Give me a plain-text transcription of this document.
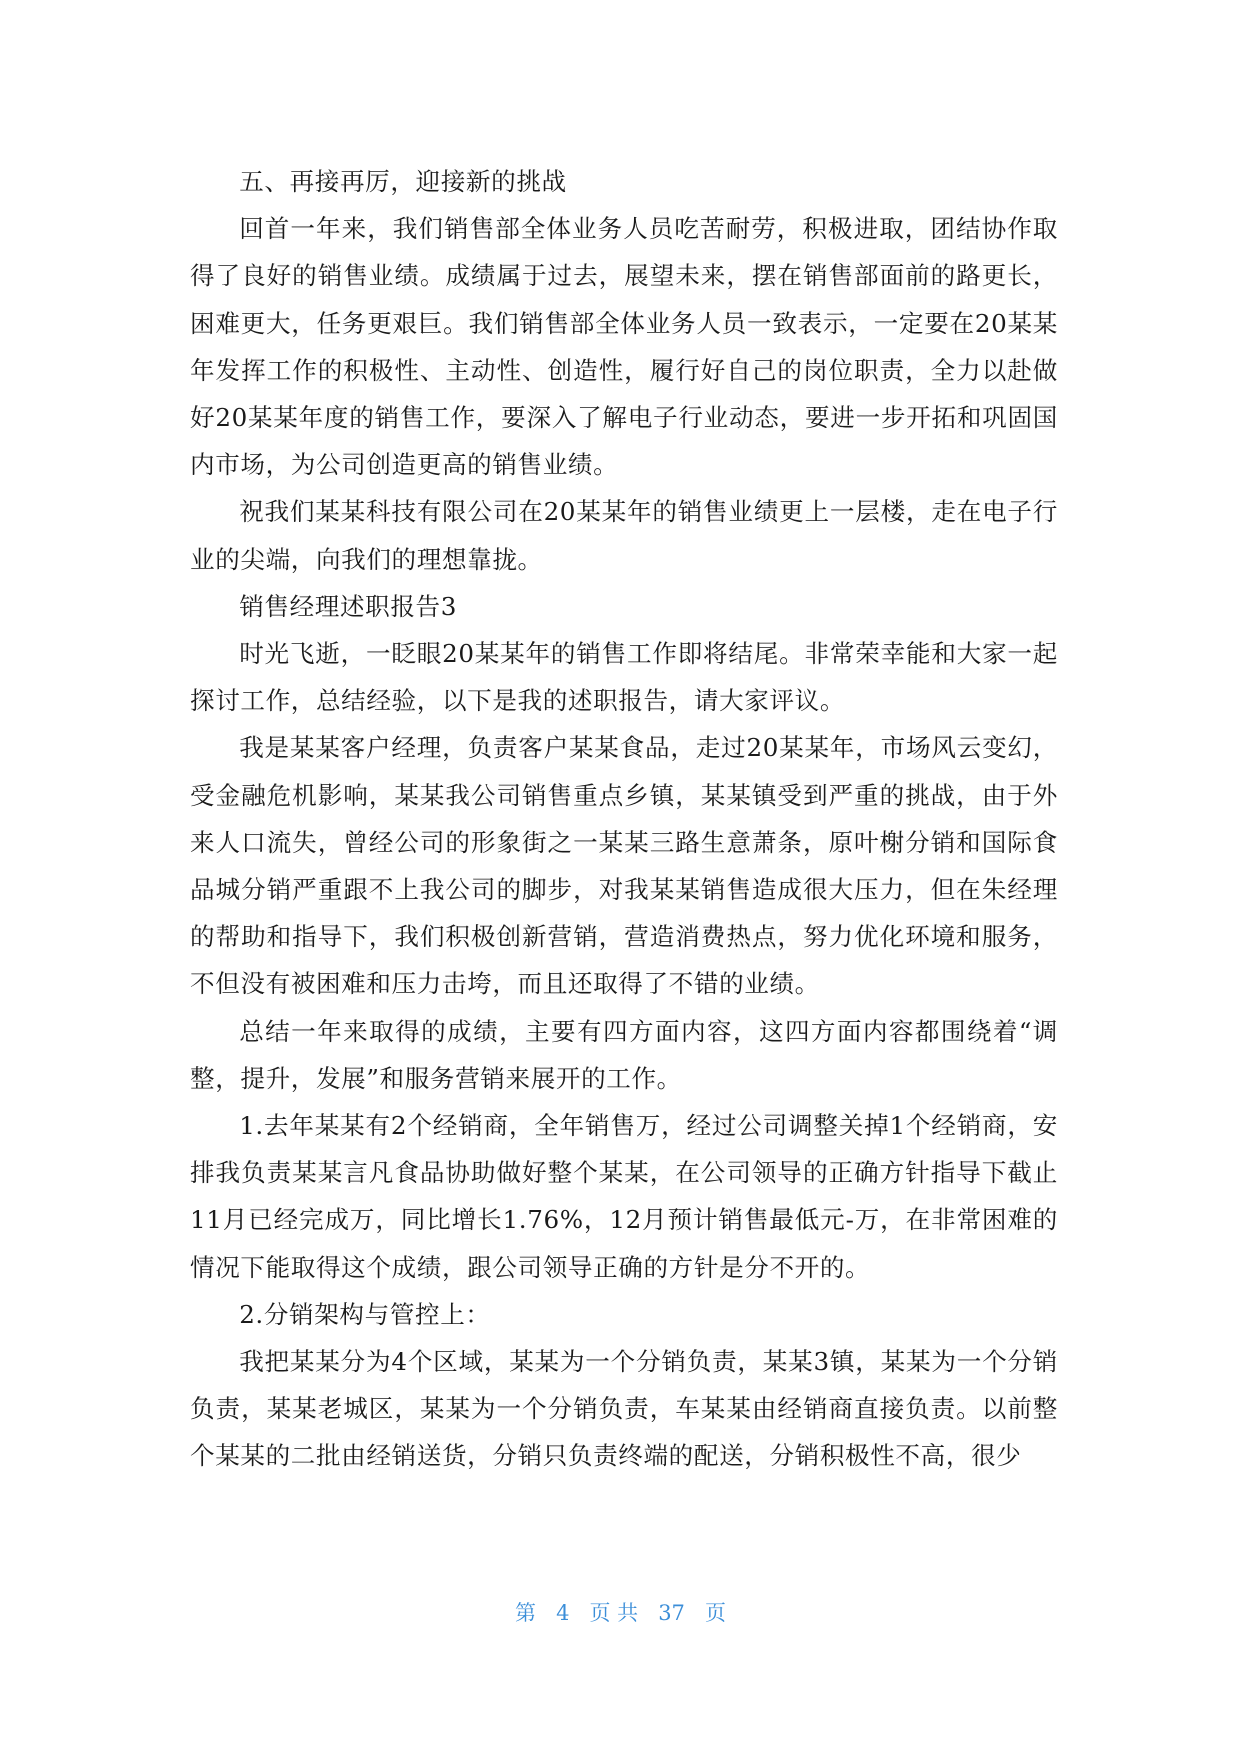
五、再接再厉，迎接新的挑战

回首一年来，我们销售部全体业务人员吃苦耐劳，积极进取，团结协作取得了良好的销售业绩。成绩属于过去，展望未来，摆在销售部面前的路更长，困难更大，任务更艰巨。我们销售部全体业务人员一致表示，一定要在20某某年发挥工作的积极性、主动性、创造性，履行好自己的岗位职责，全力以赴做好20某某年度的销售工作，要深入了解电子行业动态，要进一步开拓和巩固国内市场，为公司创造更高的销售业绩。

祝我们某某科技有限公司在20某某年的销售业绩更上一层楼，走在电子行业的尖端，向我们的理想靠拢。

销售经理述职报告3

时光飞逝，一眨眼20某某年的销售工作即将结尾。非常荣幸能和大家一起探讨工作，总结经验，以下是我的述职报告，请大家评议。

我是某某客户经理，负责客户某某食品，走过20某某年，市场风云变幻，受金融危机影响，某某我公司销售重点乡镇，某某镇受到严重的挑战，由于外来人口流失，曾经公司的形象街之一某某三路生意萧条，原叶榭分销和国际食品城分销严重跟不上我公司的脚步，对我某某销售造成很大压力，但在朱经理的帮助和指导下，我们积极创新营销，营造消费热点，努力优化环境和服务，不但没有被困难和压力击垮，而且还取得了不错的业绩。

总结一年来取得的成绩，主要有四方面内容，这四方面内容都围绕着“调整，提升，发展”和服务营销来展开的工作。

1.去年某某有2个经销商，全年销售万，经过公司调整关掉1个经销商，安排我负责某某言凡食品协助做好整个某某，在公司领导的正确方针指导下截止11月已经完成万，同比增长1.76%，12月预计销售最低元-万，在非常困难的情况下能取得这个成绩，跟公司领导正确的方针是分不开的。

2.分销架构与管控上：

我把某某分为4个区域，某某为一个分销负责，某某3镇，某某为一个分销负责，某某老城区，某某为一个分销负责，车某某由经销商直接负责。以前整个某某的二批由经销送货，分销只负责终端的配送，分销积极性不高，很少

第 4 页 共 37 页
